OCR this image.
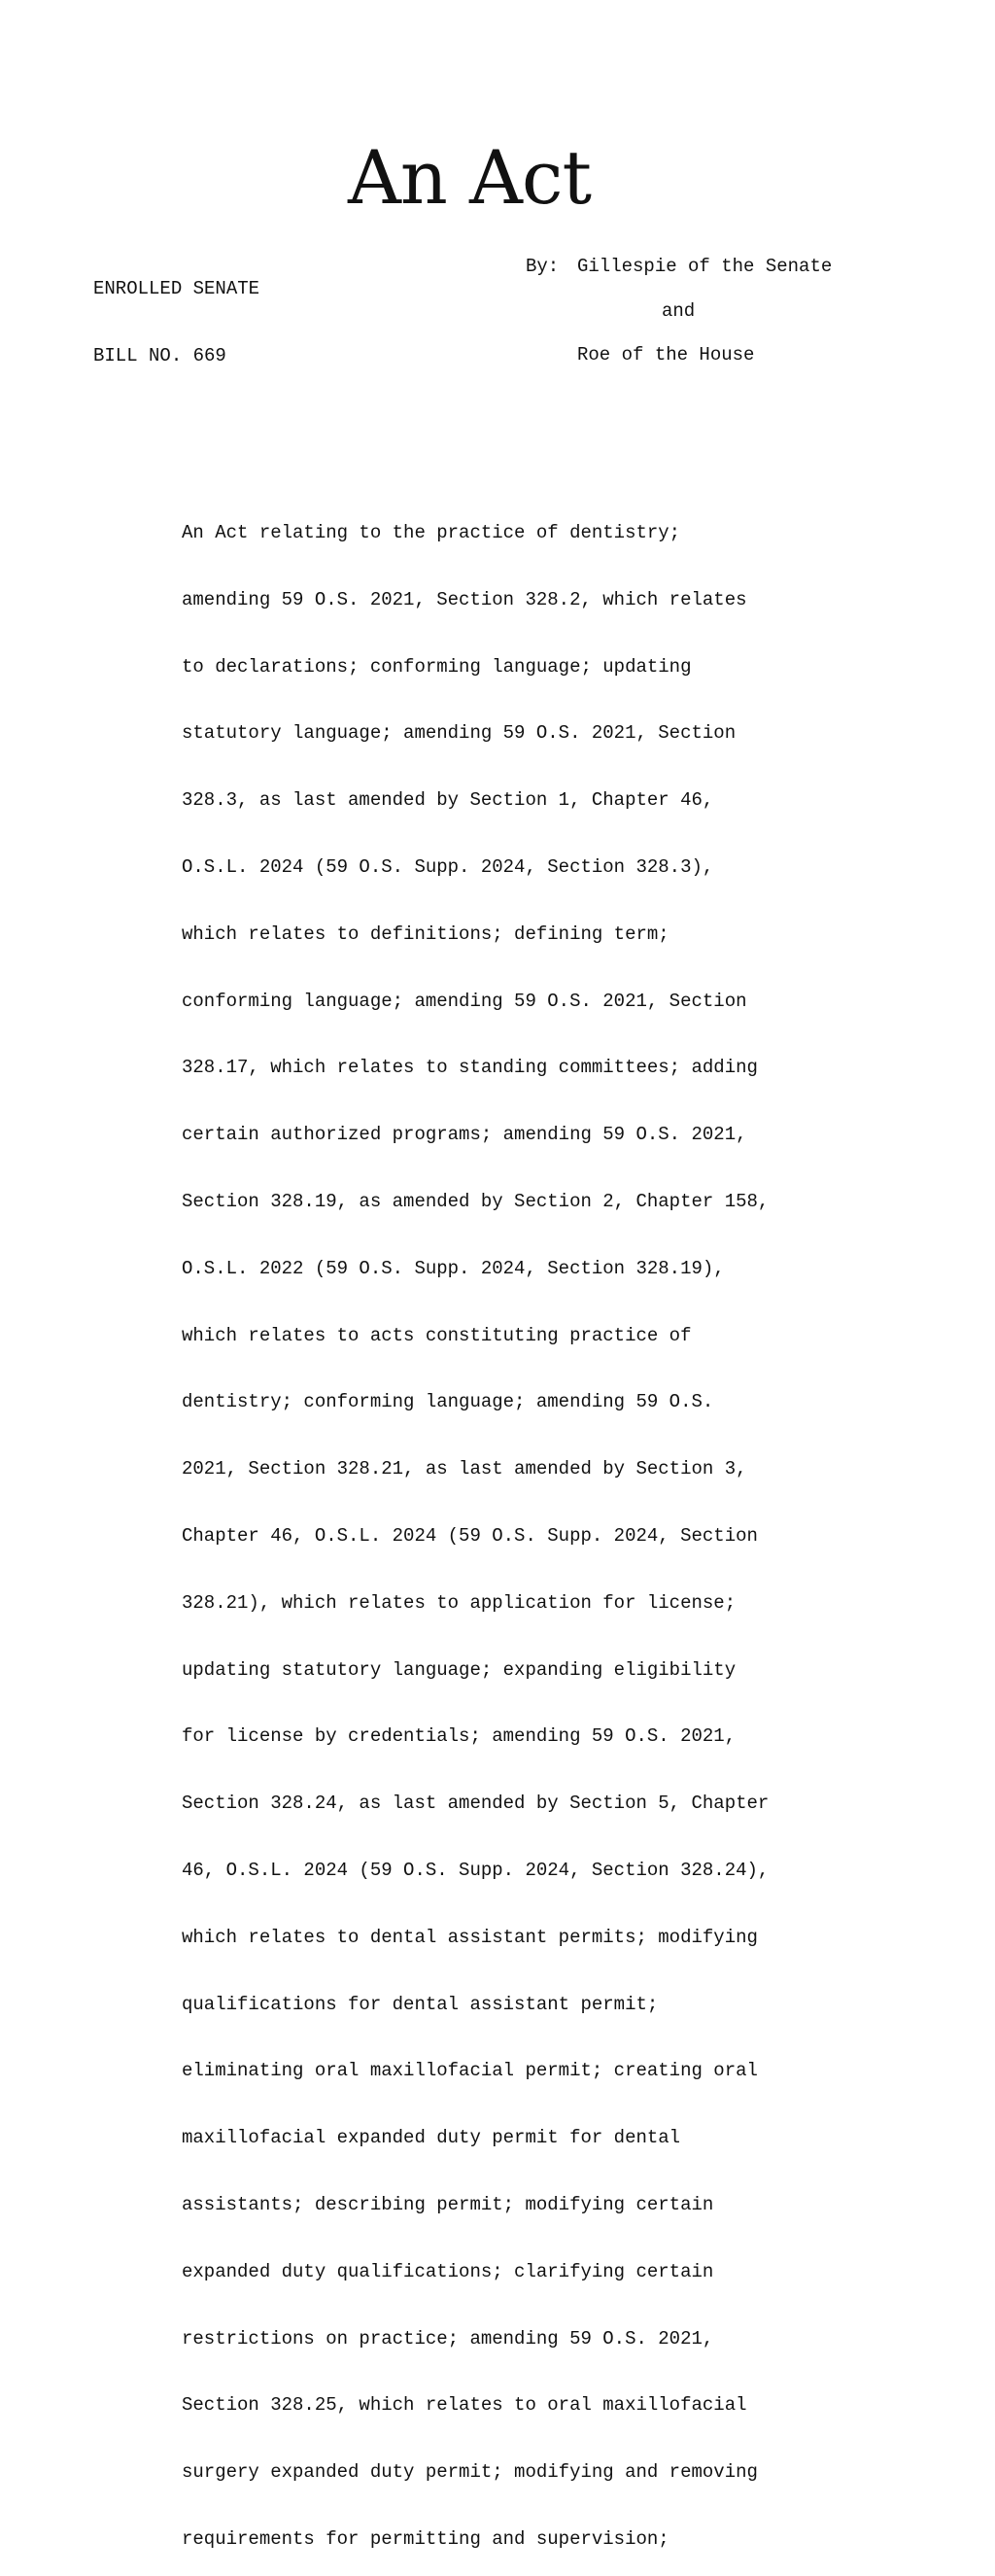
An Act

ENROLLED SENATE

BILL NO. 669

By: Gillespie of the Senate
and
Roe of the House

An Act relating to the practice of dentistry;

amending 59 O.S. 2021, Section 328.2, which relates

to declarations; conforming language; updating

statutory language; amending 59 O.S. 2021, Section

328.3, as last amended by Section 1, Chapter 46,

O.S.L. 2024 (59 O.S. Supp. 2024, Section 328.3),

which relates to definitions; defining term;

conforming language; amending 59 O.S. 2021, Section

328.17, which relates to standing committees; adding

certain authorized programs; amending 59 O.S. 2021,

Section 328.19, as amended by Section 2, Chapter 158,

O.S.L. 2022 (59 O.S. Supp. 2024, Section 328.19),

which relates to acts constituting practice of

dentistry; conforming language; amending 59 O.S.

2021, Section 328.21, as last amended by Section 3,

Chapter 46, O.S.L. 2024 (59 O.S. Supp. 2024, Section

328.21), which relates to application for license;

updating statutory language; expanding eligibility

for license by credentials; amending 59 O.S. 2021,

Section 328.24, as last amended by Section 5, Chapter

46, O.S.L. 2024 (59 O.S. Supp. 2024, Section 328.24),

which relates to dental assistant permits; modifying

qualifications for dental assistant permit;

eliminating oral maxillofacial permit; creating oral

maxillofacial expanded duty permit for dental

assistants; describing permit; modifying certain

expanded duty qualifications; clarifying certain

restrictions on practice; amending 59 O.S. 2021,

Section 328.25, which relates to oral maxillofacial

surgery expanded duty permit; modifying and removing

requirements for permitting and supervision;
